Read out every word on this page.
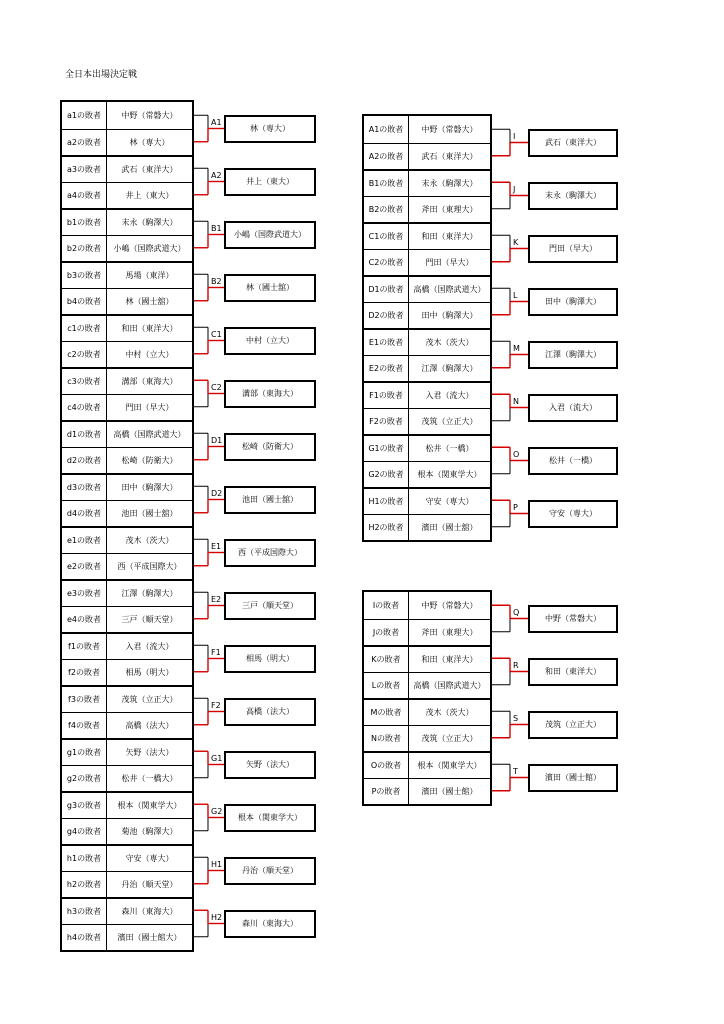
全日本出場決定戦
a1の敗者	中野（常磐大）
a2の敗者	林（専大）
a3の敗者	武石（東洋大）
a4の敗者	井上（東大）
b1の敗者	末永（駒澤大）
b2の敗者	小嶋（国際武道大）
b3の敗者	馬場（東洋）
b4の敗者	林（國士舘）
c1の敗者	和田（東洋大）
c2の敗者	中村（立大）
c3の敗者	溝部（東海大）
c4の敗者	門田（早大）
d1の敗者	高橋（国際武道大）
d2の敗者	松崎（防衛大）
d3の敗者	田中（駒澤大）
d4の敗者	池田（國士舘）
e1の敗者	茂木（茨大）
e2の敗者	西（平成国際大）
e3の敗者	江澤（駒澤大）
e4の敗者	三戸（順天堂）
f1の敗者	入君（流大）
f2の敗者	相馬（明大）
f3の敗者	茂筑（立正大）
f4の敗者	高橋（法大）
g1の敗者	矢野（法大）
g2の敗者	松井（一橋大）
g3の敗者	根本（関東学大）
g4の敗者	菊池（駒澤大）
h1の敗者	守安（専大）
h2の敗者	丹治（順天堂）
h3の敗者	森川（東海大）
h4の敗者	濱田（國士館大）
A1
林（専大）
A2
井上（東大）
B1
小嶋（国際武道大）
B2
林（國士舘）
C1
中村（立大）
C2
溝部（東海大）
D1
松崎（防衛大）
D2
池田（國士舘）
E1
西（平成国際大）
E2
三戸（順天堂）
F1
相馬（明大）
F2
高橋（法大）
G1
矢野（法大）
G2
根本（関東学大）
H1
丹治（順天堂）
H2
森川（東海大）
A1の敗者	中野（常磐大）
A2の敗者	武石（東洋大）
B1の敗者	末永（駒澤大）
B2の敗者	斧田（東理大）
C1の敗者	和田（東洋大）
C2の敗者	門田（早大）
D1の敗者	高橋（国際武道大）
D2の敗者	田中（駒澤大）
E1の敗者	茂木（茨大）
E2の敗者	江澤（駒澤大）
F1の敗者	入君（流大）
F2の敗者	茂筑（立正大）
G1の敗者	松井（一橋）
G2の敗者	根本（関東学大）
H1の敗者	守安（専大）
H2の敗者	濱田（國士舘）
I
武石（東洋大）
J
末永（駒澤大）
K
門田（早大）
L
田中（駒澤大）
M
江澤（駒澤大）
N
入君（流大）
O
松井（一橋）
P
守安（専大）
Iの敗者	中野（常磐大）
Jの敗者	斧田（東理大）
Kの敗者	和田（東洋大）
Lの敗者	高橋（国際武道大）
Mの敗者	茂木（茨大）
Nの敗者	茂筑（立正大）
Oの敗者	根本（関東学大）
Pの敗者	濱田（國士館）
Q
中野（常磐大）
R
和田（東洋大）
S
茂筑（立正大）
T
濱田（國士館）
